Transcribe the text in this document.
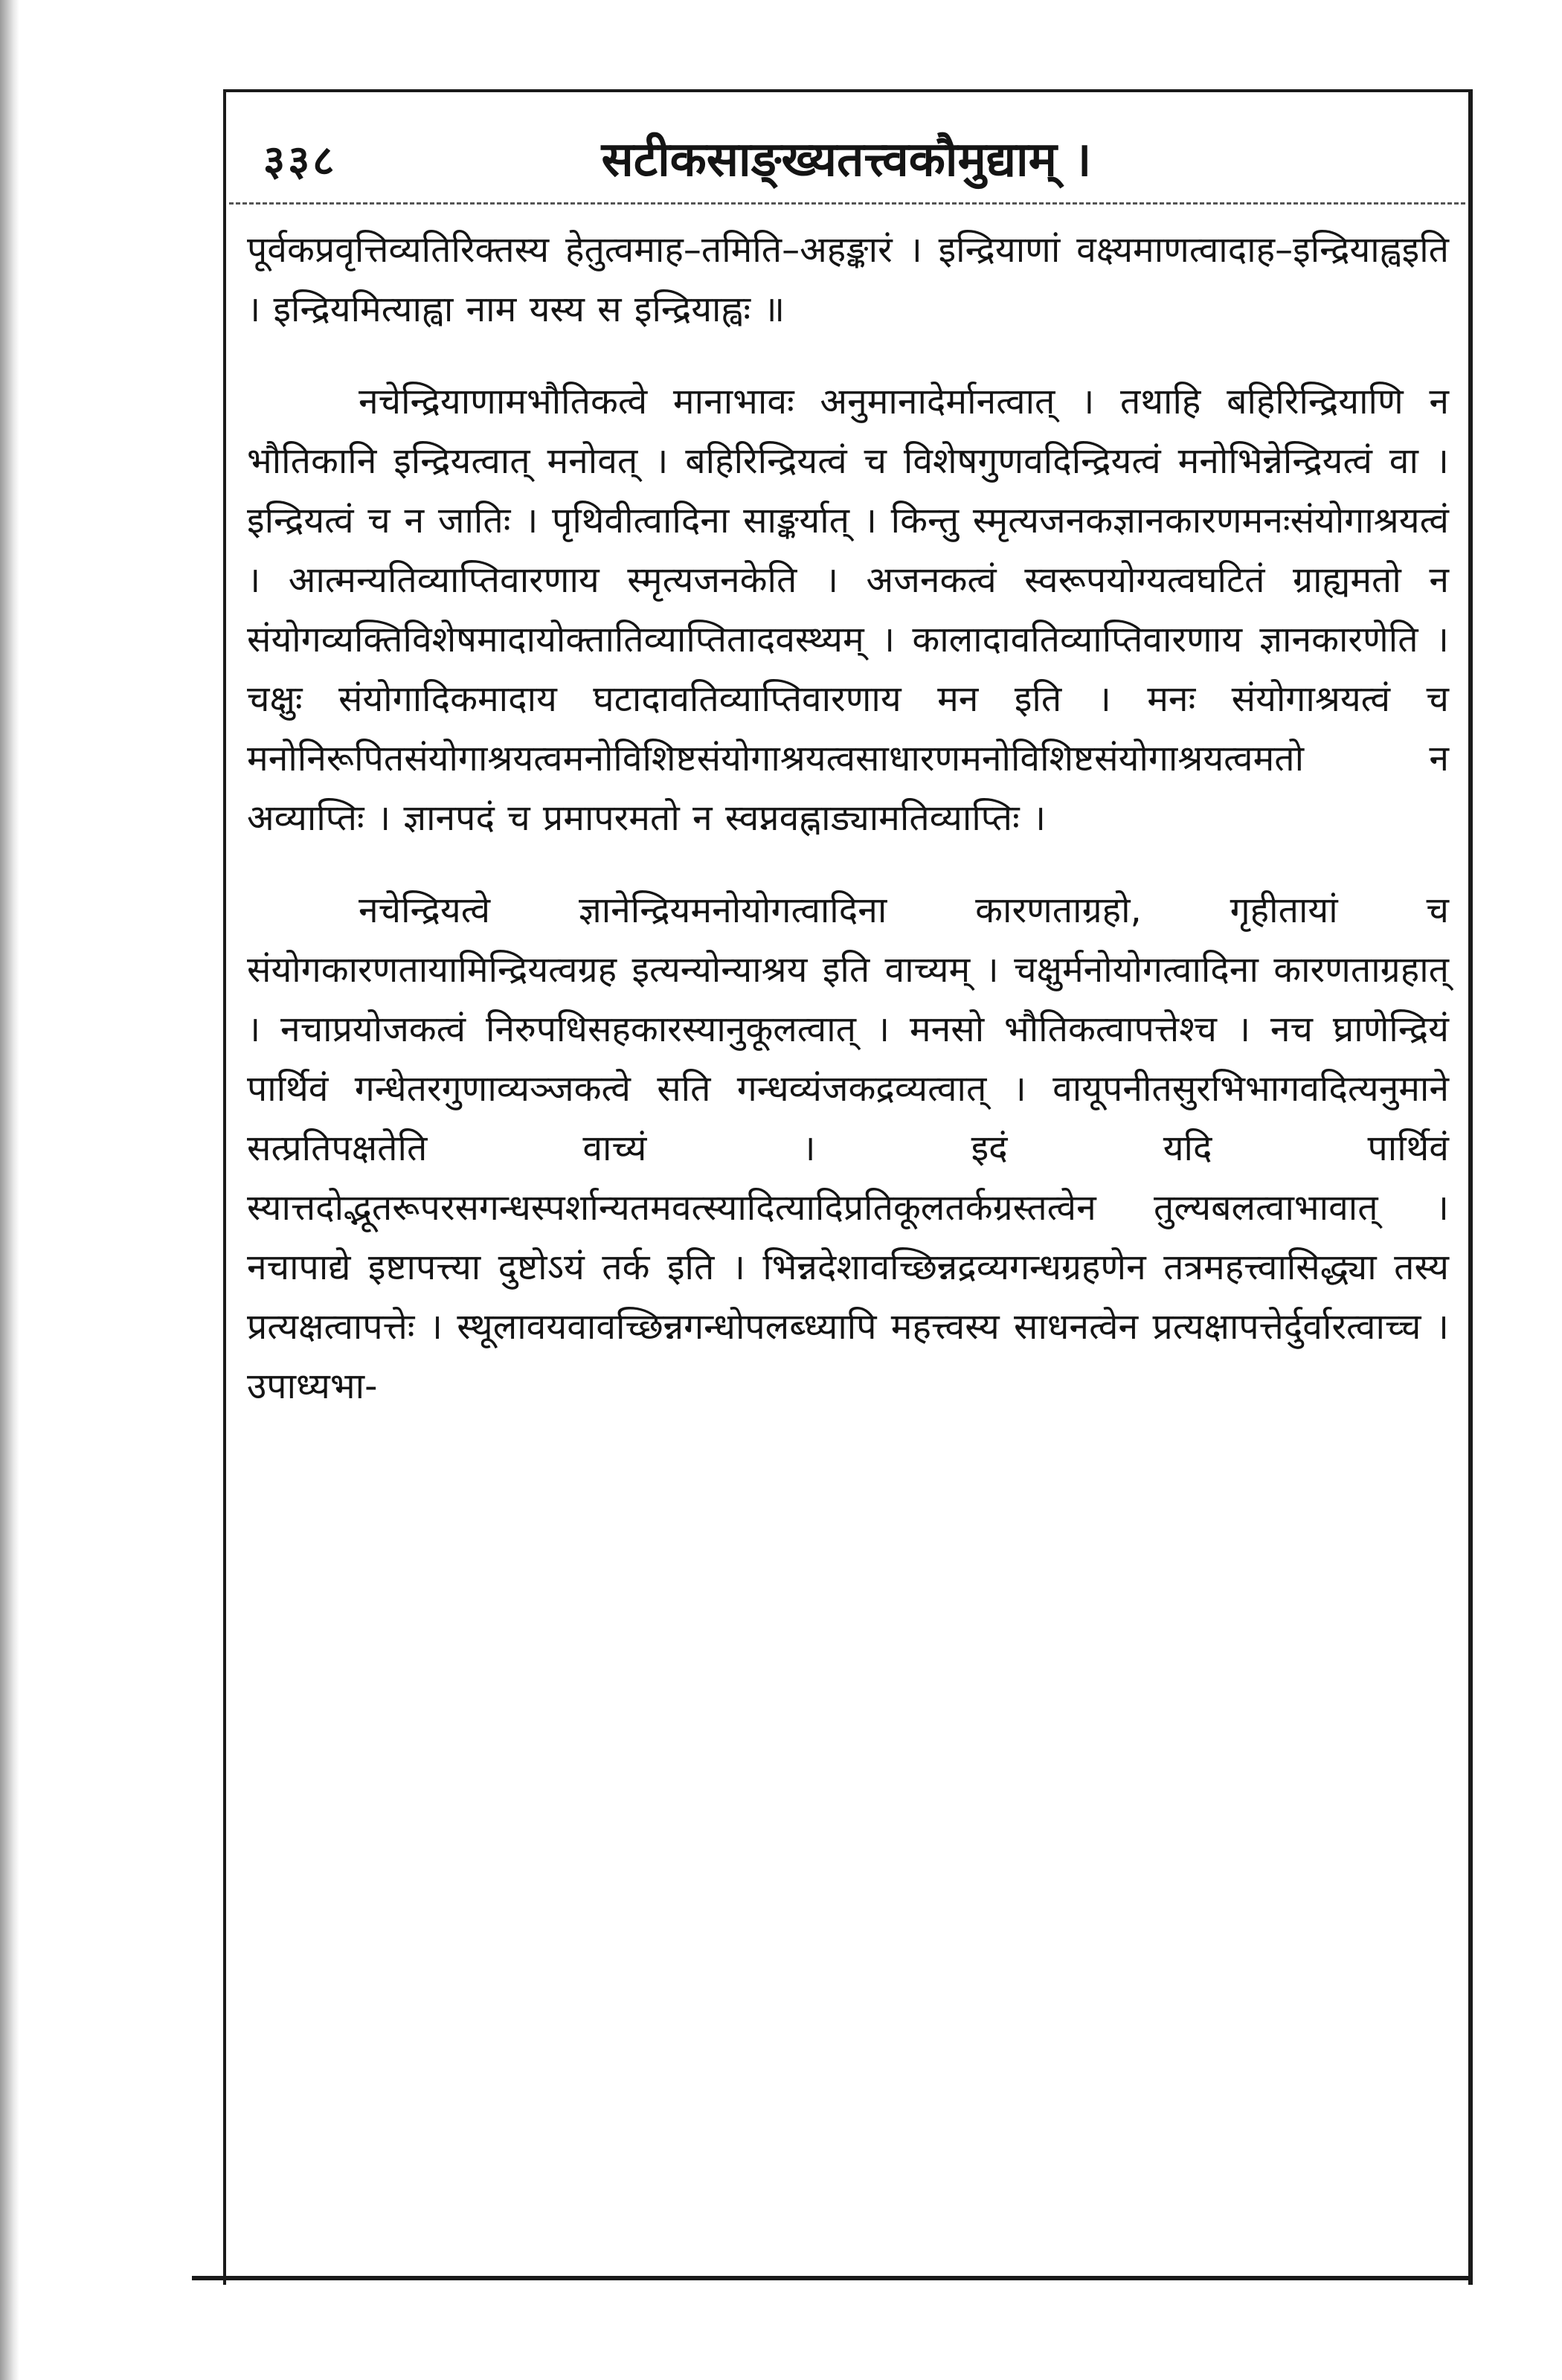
३३८	सटीकसाङ्ख्यतत्त्वकौमुद्याम् ।

पूर्वकप्रवृत्तिव्यतिरिक्तस्य हेतुत्वमाह–तमिति–अहङ्कारं । इन्द्रियाणां वक्ष्यमाणत्वादाह–इन्द्रियाह्वइति । इन्द्रियमित्याह्वा नाम यस्य स इन्द्रियाह्वः ॥

नचेन्द्रियाणामभौतिकत्वे मानाभावः अनुमानादेर्मानत्वात् । तथाहि बहिरिन्द्रियाणि न भौतिकानि इन्द्रियत्वात् मनोवत् । बहिरिन्द्रियत्वं च विशेषगुणवदिन्द्रियत्वं मनोभिन्नेन्द्रियत्वं वा । इन्द्रियत्वं च न जातिः । पृथिवीत्वादिना साङ्कर्यात् । किन्तु स्मृत्यजनकज्ञानकारणमनःसंयोगाश्रयत्वं । आत्मन्यतिव्याप्तिवारणाय स्मृत्यजनकेति । अजनकत्वं स्वरूपयोग्यत्वघटितं ग्राह्यमतो न संयोगव्यक्तिविशेषमादायोक्तातिव्याप्तितादवस्थ्यम् । कालादावतिव्याप्तिवारणाय ज्ञानकारणेति । चक्षुः संयोगादिकमादाय घटादावतिव्याप्तिवारणाय मन इति । मनः संयोगाश्रयत्वं च मनोनिरूपितसंयोगाश्रयत्वमनोविशिष्टसंयोगाश्रयत्वसाधारणमनोविशिष्टसंयोगाश्रयत्वमतो न अव्याप्तिः । ज्ञानपदं च प्रमापरमतो न स्वप्नवह्नाड्यामतिव्याप्तिः ।

नचेन्द्रियत्वे ज्ञानेन्द्रियमनोयोगत्वादिना कारणताग्रहो, गृहीतायां च संयोगकारणतायामिन्द्रियत्वग्रह इत्यन्योन्याश्रय इति वाच्यम् । चक्षुर्मनोयोगत्वादिना कारणताग्रहात् । नचाप्रयोजकत्वं निरुपधिसहकारस्यानुकूलत्वात् । मनसो भौतिकत्वापत्तेश्च । नच घ्राणेन्द्रियं पार्थिवं गन्धेतरगुणाव्यञ्जकत्वे सति गन्धव्यंजकद्रव्यत्वात् । वायूपनीतसुरभिभागवदित्यनुमाने सत्प्रतिपक्षतेति वाच्यं । इदं यदि पार्थिवं स्यात्तदोद्भूतरूपरसगन्धस्पर्शान्यतमवत्स्यादित्यादिप्रतिकूलतर्कग्रस्तत्वेन तुल्यबलत्वाभावात् । नचापाद्ये इष्टापत्त्या दुष्टोऽयं तर्क इति । भिन्नदेशावच्छिन्नद्रव्यगन्धग्रहणेन तत्रमहत्त्वासिद्ध्या तस्य प्रत्यक्षत्वापत्तेः । स्थूलावयवावच्छिन्नगन्धोपलब्ध्यापि महत्त्वस्य साधनत्वेन प्रत्यक्षापत्तेर्दुर्वारत्वाच्च । उपाध्यभा-
